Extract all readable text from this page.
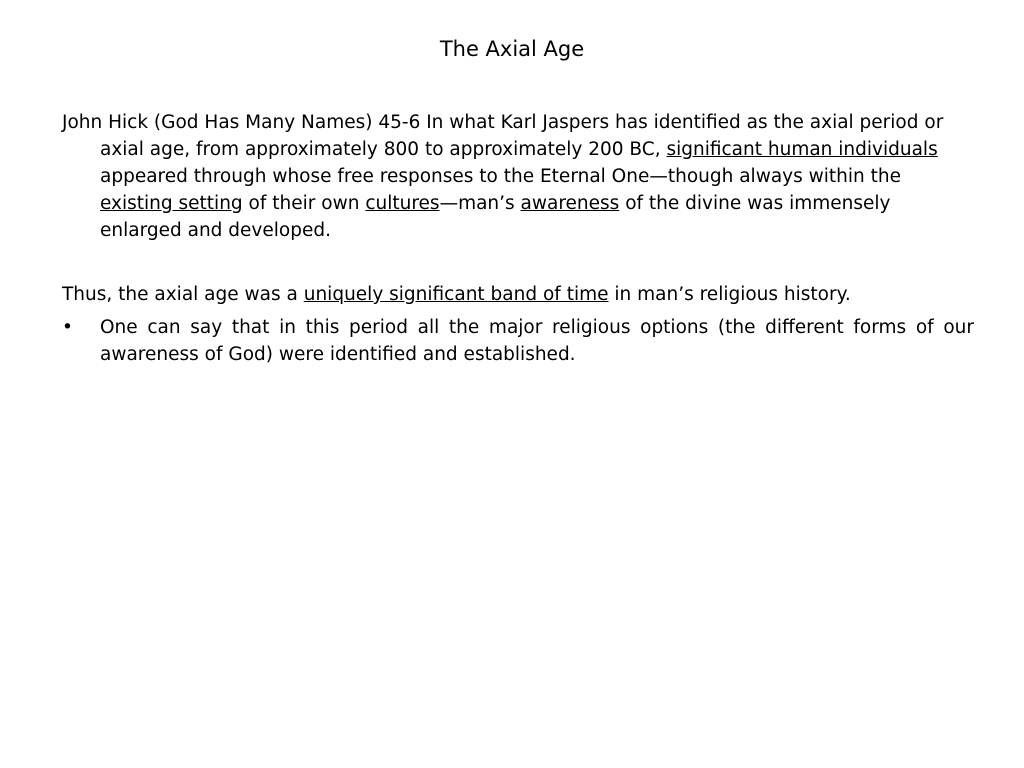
The Axial Age

John Hick (God Has Many Names) 45-6 In what Karl Jaspers has identified as the axial period or axial age, from approximately 800 to approximately 200 BC, significant human individuals appeared through whose free responses to the Eternal One—though always within the existing setting of their own cultures—man’s awareness of the divine was immensely enlarged and developed.

Thus, the axial age was a uniquely significant band of time in man’s religious history.

• One can say that in this period all the major religious options (the different forms of our awareness of God) were identified and established.
